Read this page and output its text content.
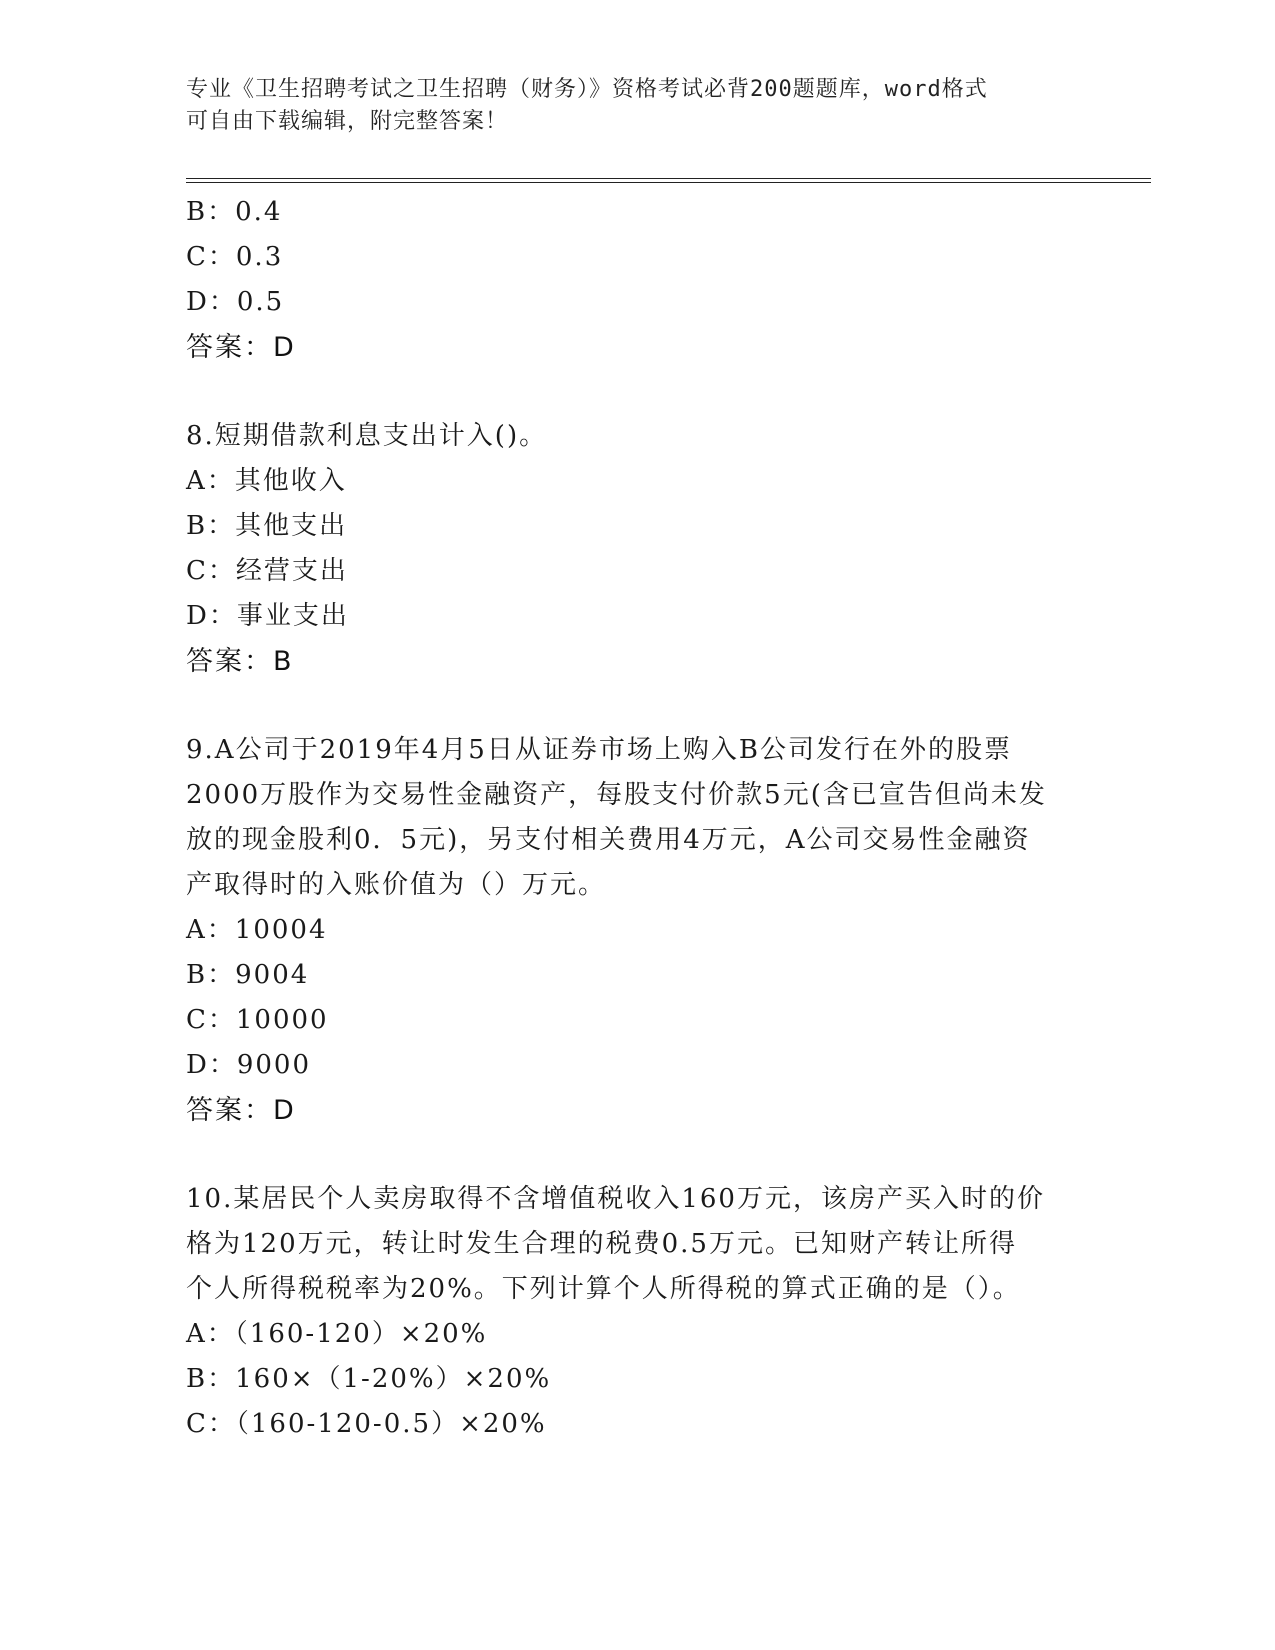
专业《卫生招聘考试之卫生招聘（财务）》资格考试必背200题题库，word格式
可自由下载编辑，附完整答案！
B：0.4
C：0.3
D：0.5
答案：D
8.短期借款利息支出计入()。
A：其他收入
B：其他支出
C：经营支出
D：事业支出
答案：B
9.A公司于2019年4月5日从证券市场上购入B公司发行在外的股票
2000万股作为交易性金融资产，每股支付价款5元(含已宣告但尚未发
放的现金股利0．5元)，另支付相关费用4万元，A公司交易性金融资
产取得时的入账价值为（）万元。
A：10004
B：9004
C：10000
D：9000
答案：D
10.某居民个人卖房取得不含增值税收入160万元，该房产买入时的价
格为120万元，转让时发生合理的税费0.5万元。已知财产转让所得
个人所得税税率为20%。下列计算个人所得税的算式正确的是（）。
A：（160-120）×20%
B：160×（1-20%）×20%
C：（160-120-0.5）×20%
